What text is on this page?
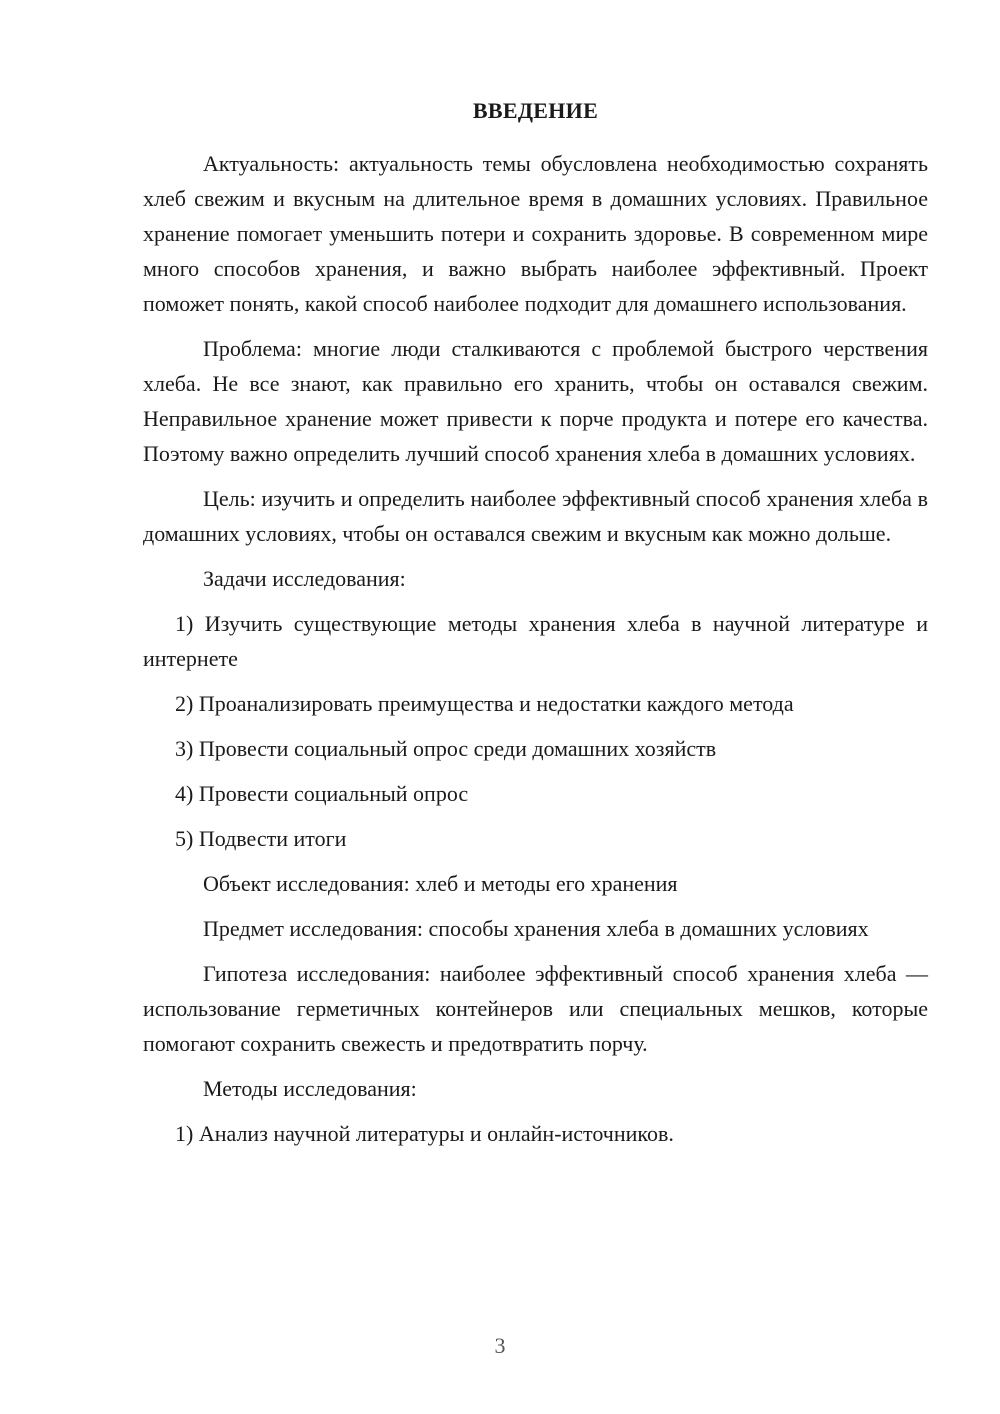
ВВЕДЕНИЕ

Актуальность: актуальность темы обусловлена необходимостью сохранять хлеб свежим и вкусным на длительное время в домашних условиях. Правильное хранение помогает уменьшить потери и сохранить здоровье. В современном мире много способов хранения, и важно выбрать наиболее эффективный. Проект поможет понять, какой способ наиболее подходит для домашнего использования.

Проблема: многие люди сталкиваются с проблемой быстрого черствения хлеба. Не все знают, как правильно его хранить, чтобы он оставался свежим. Неправильное хранение может привести к порче продукта и потере его качества. Поэтому важно определить лучший способ хранения хлеба в домашних условиях.

Цель: изучить и определить наиболее эффективный способ хранения хлеба в домашних условиях, чтобы он оставался свежим и вкусным как можно дольше.

Задачи исследования:

1) Изучить существующие методы хранения хлеба в научной литературе и интернете

2) Проанализировать преимущества и недостатки каждого метода

3) Провести социальный опрос среди домашних хозяйств

4) Провести социальный опрос

5) Подвести итоги

Объект исследования: хлеб и методы его хранения

Предмет исследования: способы хранения хлеба в домашних условиях

Гипотеза исследования: наиболее эффективный способ хранения хлеба — использование герметичных контейнеров или специальных мешков, которые помогают сохранить свежесть и предотвратить порчу.

Методы исследования:

1) Анализ научной литературы и онлайн-источников.

3
